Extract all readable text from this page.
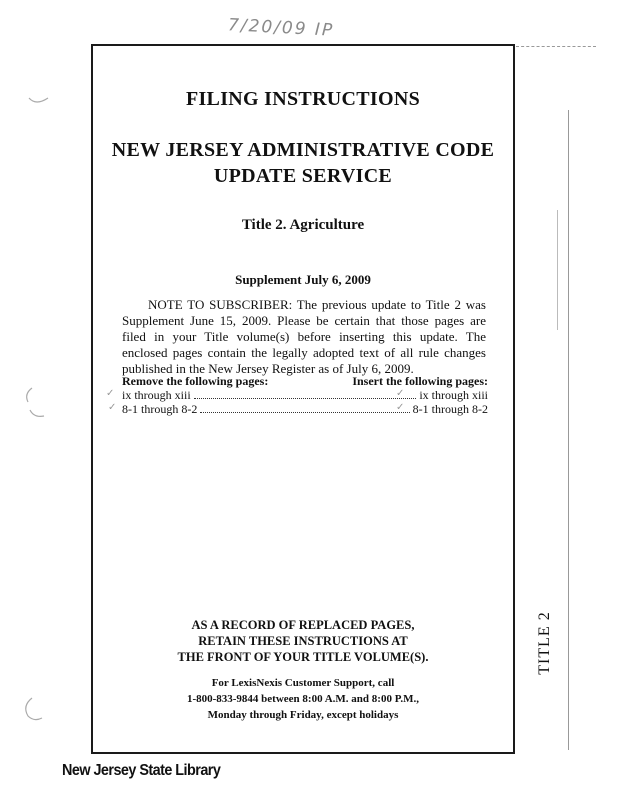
7/20/09 IP
FILING INSTRUCTIONS
NEW JERSEY ADMINISTRATIVE CODE
UPDATE SERVICE
Title 2. Agriculture
Supplement July 6, 2009
NOTE TO SUBSCRIBER: The previous update to Title 2 was Supplement June 15, 2009. Please be certain that those pages are filed in your Title volume(s) before inserting this update. The enclosed pages contain the legally adopted text of all rule changes published in the New Jersey Register as of July 6, 2009.
Remove the following pages:	Insert the following pages:
ix through xiii	ix through xiii
8-1 through 8-2	8-1 through 8-2
✓
✓
✓
✓
AS A RECORD OF REPLACED PAGES,
RETAIN THESE INSTRUCTIONS AT
THE FRONT OF YOUR TITLE VOLUME(S).
For LexisNexis Customer Support, call
1-800-833-9844 between 8:00 A.M. and 8:00 P.M.,
Monday through Friday, except holidays
TITLE 2
New Jersey State Library
